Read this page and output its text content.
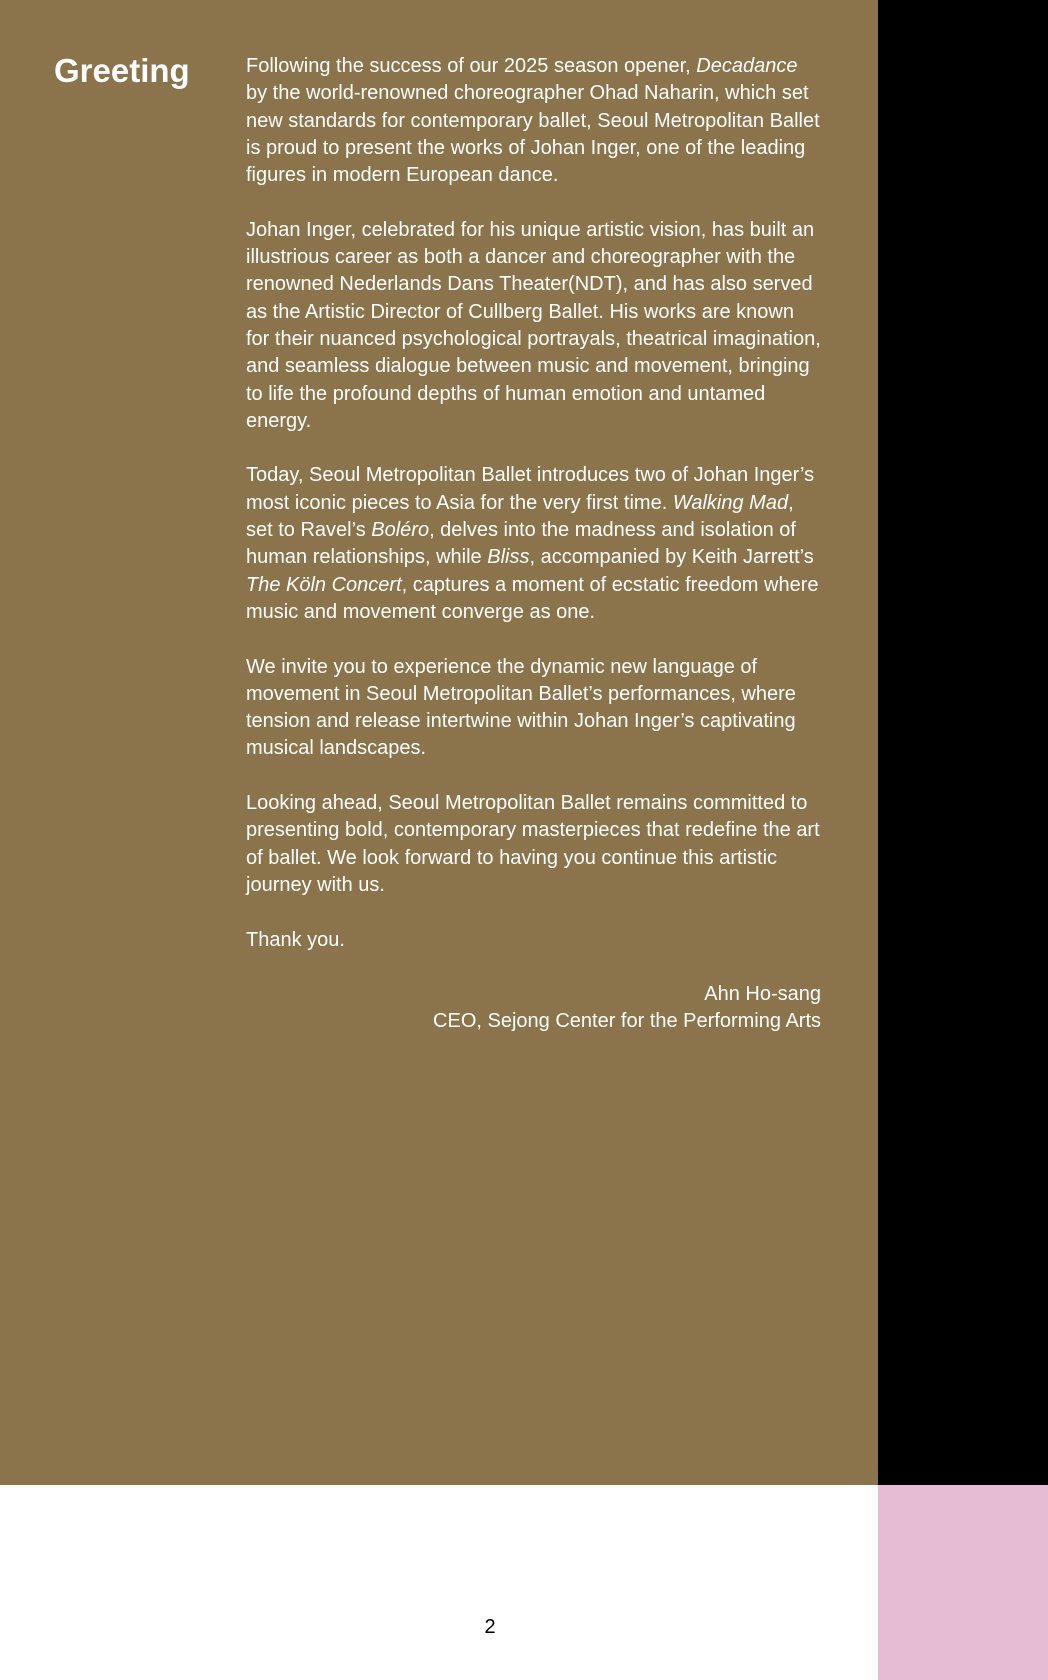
Greeting	Following the success of our 2025 season opener, Decadance by the world-renowned choreographer Ohad Naharin, which set new standards for contemporary ballet, Seoul Metropolitan Ballet is proud to present the works of Johan Inger, one of the leading figures in modern European dance.

Johan Inger, celebrated for his unique artistic vision, has built an illustrious career as both a dancer and choreographer with the renowned Nederlands Dans Theater(NDT), and has also served as the Artistic Director of Cullberg Ballet. His works are known for their nuanced psychological portrayals, theatrical imagination, and seamless dialogue between music and movement, bringing to life the profound depths of human emotion and untamed energy.

Today, Seoul Metropolitan Ballet introduces two of Johan Inger’s most iconic pieces to Asia for the very first time. Walking Mad, set to Ravel’s Boléro, delves into the madness and isolation of human relationships, while Bliss, accompanied by Keith Jarrett’s The Köln Concert, captures a moment of ecstatic freedom where music and movement converge as one.

We invite you to experience the dynamic new language of movement in Seoul Metropolitan Ballet’s performances, where tension and release intertwine within Johan Inger’s captivating musical landscapes.

Looking ahead, Seoul Metropolitan Ballet remains committed to presenting bold, contemporary masterpieces that redefine the art of ballet. We look forward to having you continue this artistic journey with us.

Thank you.

Ahn Ho-sang
CEO, Sejong Center for the Performing Arts

2
